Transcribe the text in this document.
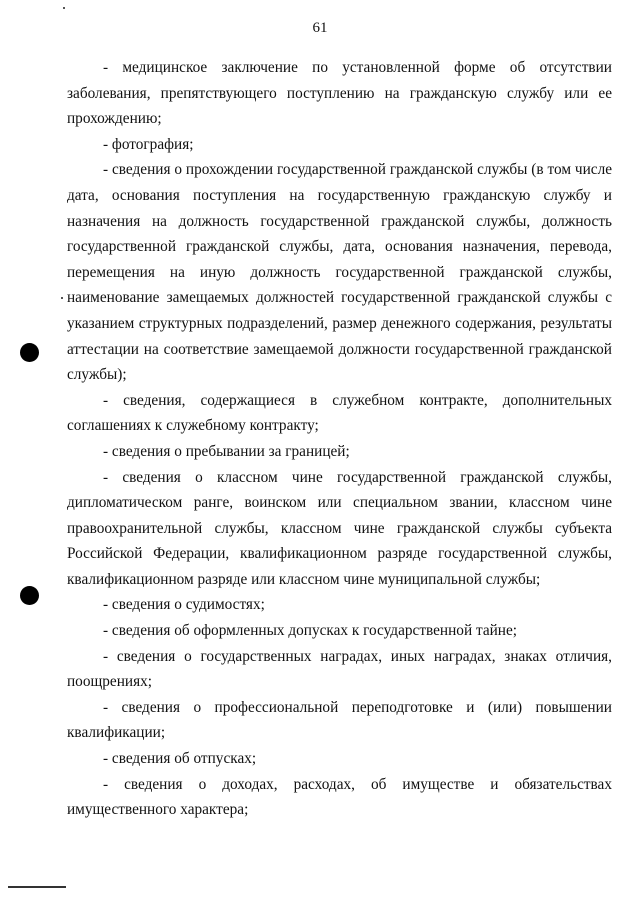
61

- медицинское заключение по установленной форме об отсутствии заболевания, препятствующего поступлению на гражданскую службу или ее прохождению;

- фотография;

- сведения о прохождении государственной гражданской службы (в том числе дата, основания поступления на государственную гражданскую службу и назначения на должность государственной гражданской службы, должность государственной гражданской службы, дата, основания назначения, перевода, перемещения на иную должность государственной гражданской службы, наименование замещаемых должностей государственной гражданской службы с указанием структурных подразделений, размер денежного содержания, результаты аттестации на соответствие замещаемой должности государственной гражданской службы);

- сведения, содержащиеся в служебном контракте, дополнительных соглашениях к служебному контракту;

- сведения о пребывании за границей;

- сведения о классном чине государственной гражданской службы, дипломатическом ранге, воинском или специальном звании, классном чине правоохранительной службы, классном чине гражданской службы субъекта Российской Федерации, квалификационном разряде государственной службы, квалификационном разряде или классном чине муниципальной службы;

- сведения о судимостях;

- сведения об оформленных допусках к государственной тайне;

- сведения о государственных наградах, иных наградах, знаках отличия, поощрениях;

- сведения о профессиональной переподготовке и (или) повышении квалификации;

- сведения об отпусках;

- сведения о доходах, расходах, об имуществе и обязательствах имущественного характера;
